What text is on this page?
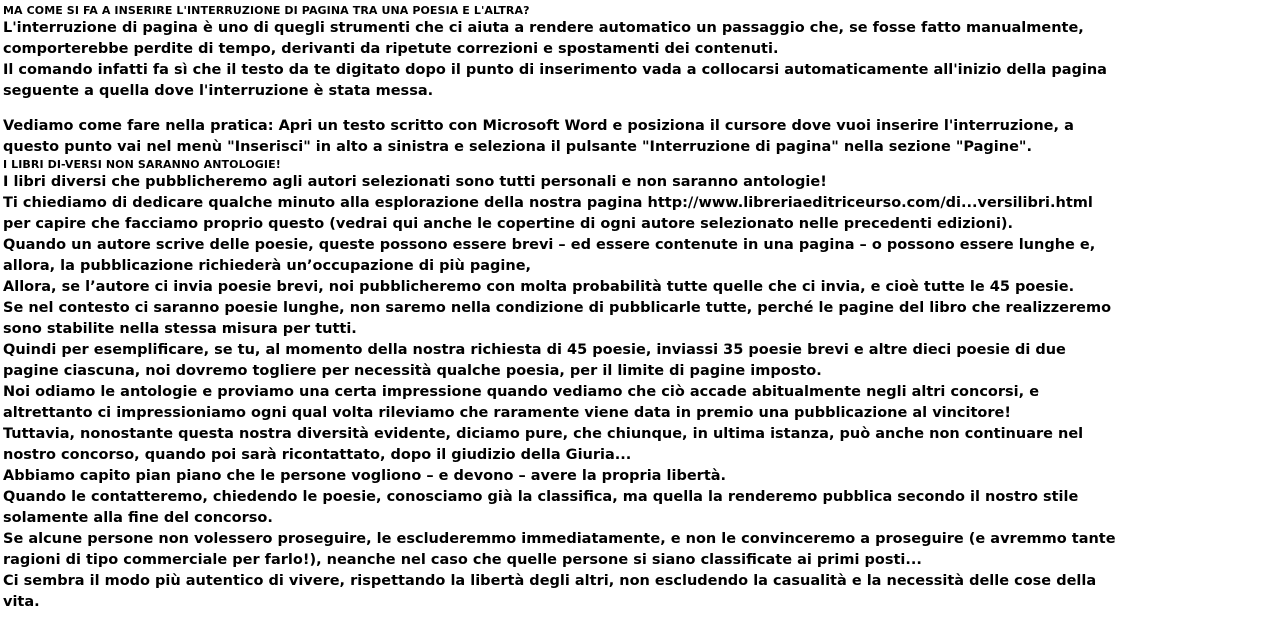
MA COME SI FA A INSERIRE L'INTERRUZIONE DI PAGINA TRA UNA POESIA E L'ALTRA?
L'interruzione di pagina è uno di quegli strumenti che ci aiuta a rendere automatico un passaggio che, se fosse fatto manualmente,
comporterebbe perdite di tempo, derivanti da ripetute correzioni e spostamenti dei contenuti.
Il comando infatti fa sì che il testo da te digitato dopo il punto di inserimento vada a collocarsi automaticamente all'inizio della pagina
seguente a quella dove l'interruzione è stata messa.
Vediamo come fare nella pratica: Apri un testo scritto con Microsoft Word e posiziona il cursore dove vuoi inserire l'interruzione, a
questo punto vai nel menù "Inserisci" in alto a sinistra e seleziona il pulsante "Interruzione di pagina" nella sezione "Pagine".
I LIBRI DI-VERSI NON SARANNO ANTOLOGIE!
I libri diversi che pubblicheremo agli autori selezionati sono tutti personali e non saranno antologie!
Ti chiediamo di dedicare qualche minuto alla esplorazione della nostra pagina http://www.libreriaeditriceurso.com/di...versilibri.html
per capire che facciamo proprio questo (vedrai qui anche le copertine di ogni autore selezionato nelle precedenti edizioni).
Quando un autore scrive delle poesie, queste possono essere brevi – ed essere contenute in una pagina – o possono essere lunghe e,
allora, la pubblicazione richiederà un’occupazione di più pagine,
Allora, se l’autore ci invia poesie brevi, noi pubblicheremo con molta probabilità tutte quelle che ci invia, e cioè tutte le 45 poesie.
Se nel contesto ci saranno poesie lunghe, non saremo nella condizione di pubblicarle tutte, perché le pagine del libro che realizzeremo
sono stabilite nella stessa misura per tutti.
Quindi per esemplificare, se tu, al momento della nostra richiesta di 45 poesie, inviassi 35 poesie brevi e altre dieci poesie di due
pagine ciascuna, noi dovremo togliere per necessità qualche poesia, per il limite di pagine imposto.
Noi odiamo le antologie e proviamo una certa impressione quando vediamo che ciò accade abitualmente negli altri concorsi, e
altrettanto ci impressioniamo ogni qual volta rileviamo che raramente viene data in premio una pubblicazione al vincitore!
Tuttavia, nonostante questa nostra diversità evidente, diciamo pure, che chiunque, in ultima istanza, può anche non continuare nel
nostro concorso, quando poi sarà ricontattato, dopo il giudizio della Giuria...
Abbiamo capito pian piano che le persone vogliono – e devono – avere la propria libertà.
Quando le contatteremo, chiedendo le poesie, conosciamo già la classifica, ma quella la renderemo pubblica secondo il nostro stile
solamente alla fine del concorso.
Se alcune persone non volessero proseguire, le escluderemmo immediatamente, e non le convinceremo a proseguire (e avremmo tante
ragioni di tipo commerciale per farlo!), neanche nel caso che quelle persone si siano classificate ai primi posti...
Ci sembra il modo più autentico di vivere, rispettando la libertà degli altri, non escludendo la casualità e la necessità delle cose della
vita.
